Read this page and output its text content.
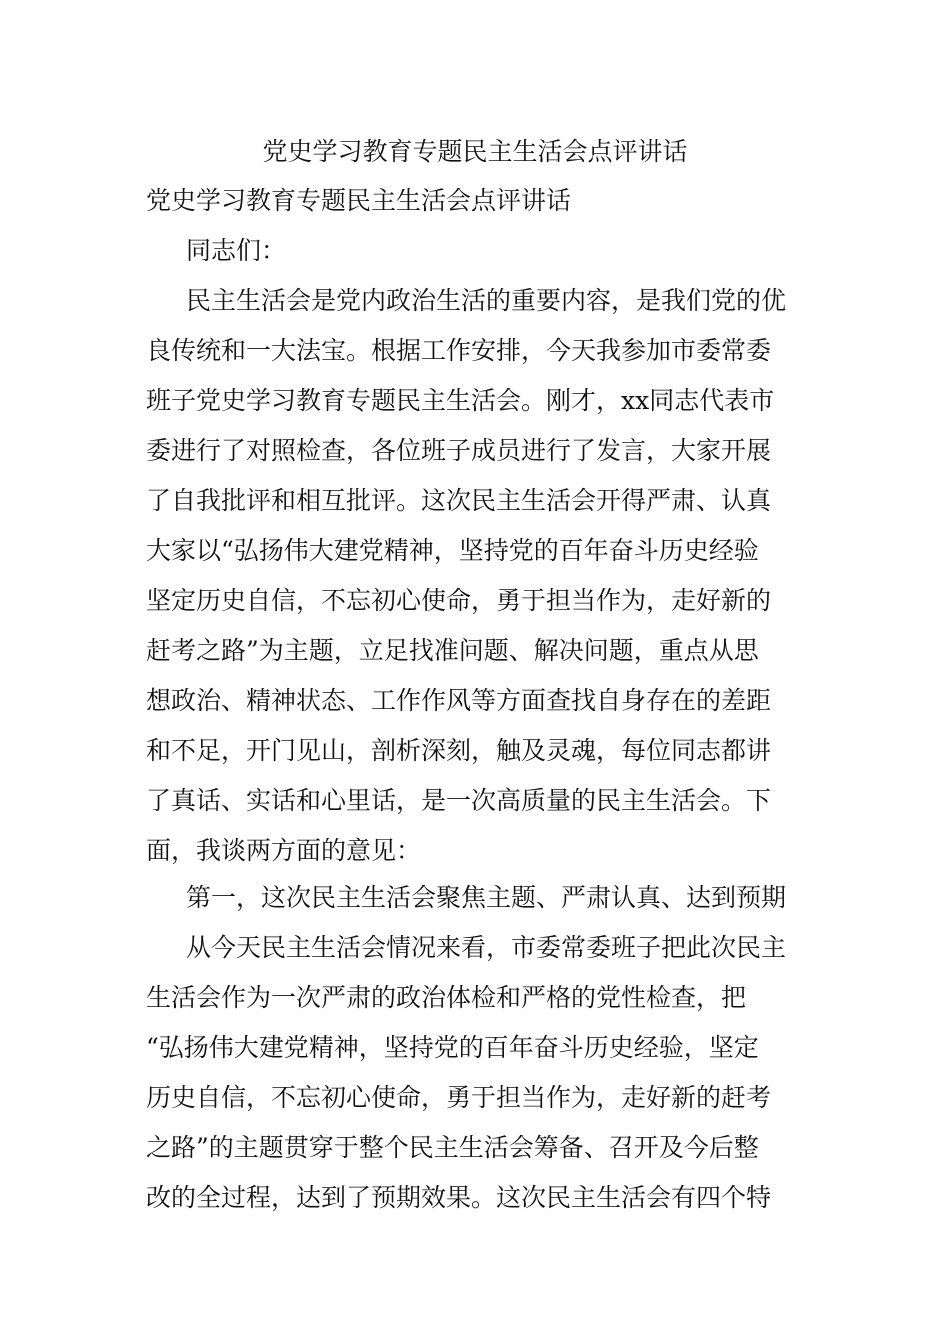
党史学习教育专题民主生活会点评讲话

党史学习教育专题民主生活会点评讲话

同志们：

民主生活会是党内政治生活的重要内容，是我们党的优

良传统和一大法宝。根据工作安排，今天我参加市委常委

班子党史学习教育专题民主生活会。刚才，xx同志代表市

委进行了对照检查，各位班子成员进行了发言，大家开展

了自我批评和相互批评。这次民主生活会开得严肃、认真

大家以“弘扬伟大建党精神，坚持党的百年奋斗历史经验

坚定历史自信，不忘初心使命，勇于担当作为，走好新的

赶考之路”为主题，立足找准问题、解决问题，重点从思

想政治、精神状态、工作作风等方面查找自身存在的差距

和不足，开门见山，剖析深刻，触及灵魂，每位同志都讲

了真话、实话和心里话，是一次高质量的民主生活会。下

面，我谈两方面的意见：

第一，这次民主生活会聚焦主题、严肃认真、达到预期

从今天民主生活会情况来看，市委常委班子把此次民主

生活会作为一次严肃的政治体检和严格的党性检查，把

“弘扬伟大建党精神，坚持党的百年奋斗历史经验，坚定

历史自信，不忘初心使命，勇于担当作为，走好新的赶考

之路”的主题贯穿于整个民主生活会筹备、召开及今后整

改的全过程，达到了预期效果。这次民主生活会有四个特
